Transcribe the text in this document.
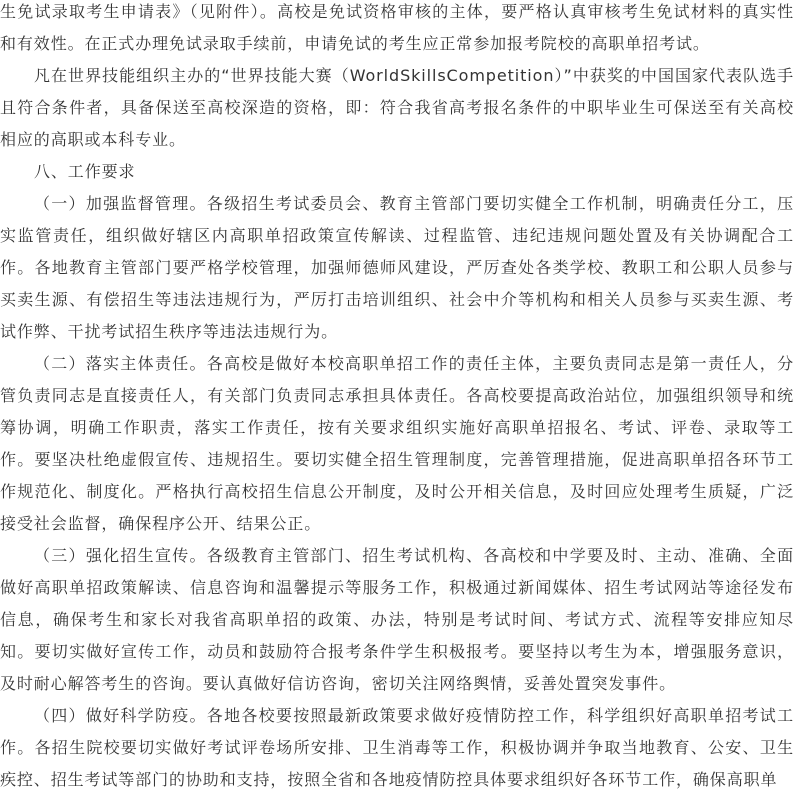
生免试录取考生申请表》（见附件）。高校是免试资格审核的主体，要严格认真审核考生免试材料的真实性和有效性。在正式办理免试录取手续前，申请免试的考生应正常参加报考院校的高职单招考试。

凡在世界技能组织主办的“世界技能大赛（WorldSkillsCompetition）”中获奖的中国国家代表队选手且符合条件者，具备保送至高校深造的资格，即：符合我省高考报名条件的中职毕业生可保送至有关高校相应的高职或本科专业。

八、工作要求

（一）加强监督管理。各级招生考试委员会、教育主管部门要切实健全工作机制，明确责任分工，压实监管责任，组织做好辖区内高职单招政策宣传解读、过程监管、违纪违规问题处置及有关协调配合工作。各地教育主管部门要严格学校管理，加强师德师风建设，严厉查处各类学校、教职工和公职人员参与买卖生源、有偿招生等违法违规行为，严厉打击培训组织、社会中介等机构和相关人员参与买卖生源、考试作弊、干扰考试招生秩序等违法违规行为。

（二）落实主体责任。各高校是做好本校高职单招工作的责任主体，主要负责同志是第一责任人，分管负责同志是直接责任人，有关部门负责同志承担具体责任。各高校要提高政治站位，加强组织领导和统筹协调，明确工作职责，落实工作责任，按有关要求组织实施好高职单招报名、考试、评卷、录取等工作。要坚决杜绝虚假宣传、违规招生。要切实健全招生管理制度，完善管理措施，促进高职单招各环节工作规范化、制度化。严格执行高校招生信息公开制度，及时公开相关信息，及时回应处理考生质疑，广泛接受社会监督，确保程序公开、结果公正。

（三）强化招生宣传。各级教育主管部门、招生考试机构、各高校和中学要及时、主动、准确、全面做好高职单招政策解读、信息咨询和温馨提示等服务工作，积极通过新闻媒体、招生考试网站等途径发布信息，确保考生和家长对我省高职单招的政策、办法，特别是考试时间、考试方式、流程等安排应知尽知。要切实做好宣传工作，动员和鼓励符合报考条件学生积极报考。要坚持以考生为本，增强服务意识，及时耐心解答考生的咨询。要认真做好信访咨询，密切关注网络舆情，妥善处置突发事件。

（四）做好科学防疫。各地各校要按照最新政策要求做好疫情防控工作，科学组织好高职单招考试工作。各招生院校要切实做好考试评卷场所安排、卫生消毒等工作，积极协调并争取当地教育、公安、卫生疾控、招生考试等部门的协助和支持，按照全省和各地疫情防控具体要求组织好各环节工作，确保高职单
